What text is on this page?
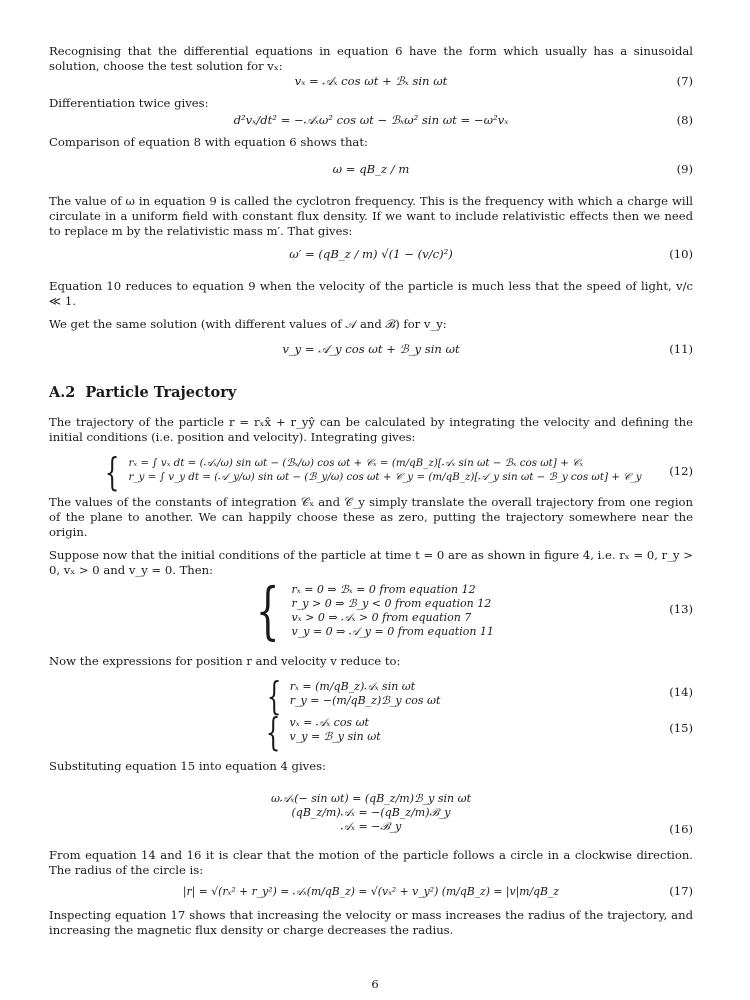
Recognising that the differential equations in equation 6 have the form which usually has a sinusoidal solution, choose the test solution for vₓ:

vₓ = 𝒜ₓ cos ωt + ℬₓ sin ωt	(7)

Differentiation twice gives:

d²vₓ/dt² = −𝒜ₓω² cos ωt − ℬₓω² sin ωt = −ω²vₓ	(8)

Comparison of equation 8 with equation 6 shows that:

ω = qB_z / m	(9)

The value of ω in equation 9 is called the cyclotron frequency. This is the frequency with which a charge will circulate in a uniform field with constant flux density. If we want to include relativistic effects then we need to replace m by the relativistic mass m′. That gives:

ω′ = (qB_z / m) √(1 − (v/c)²)	(10)

Equation 10 reduces to equation 9 when the velocity of the particle is much less that the speed of light, v/c ≪ 1.

We get the same solution (with different values of 𝒜 and ℬ) for v_y:

v_y = 𝒜_y cos ωt + ℬ_y sin ωt	(11)
A.2 Particle Trajectory

The trajectory of the particle r = rₓx̂ + r_yŷ can be calculated by integrating the velocity and defining the initial conditions (i.e. position and velocity). Integrating gives:

{ rₓ = ∫ vₓ dt = (𝒜ₓ/ω) sin ωt − (ℬₓ/ω) cos ωt + 𝒞ₓ = (m/qB_z)[𝒜ₓ sin ωt − ℬₓ cos ωt] + 𝒞ₓ
r_y = ∫ v_y dt = (𝒜_y/ω) sin ωt − (ℬ_y/ω) cos ωt + 𝒞_y = (m/qB_z)[𝒜_y sin ωt − ℬ_y cos ωt] + 𝒞_y (12)

The values of the constants of integration 𝒞ₓ and 𝒞_y simply translate the overall trajectory from one region of the plane to another. We can happily choose these as zero, putting the trajectory somewhere near the origin.

Suppose now that the initial conditions of the particle at time t = 0 are as shown in figure 4, i.e. rₓ = 0, r_y > 0, vₓ > 0 and v_y = 0. Then:

{ rₓ = 0 ⇒ ℬₓ = 0 from equation 12
r_y > 0 ⇒ ℬ_y < 0 from equation 12
vₓ > 0 ⇒ 𝒜ₓ > 0 from equation 7
v_y = 0 ⇒ 𝒜_y = 0 from equation 11
(13)

Now the expressions for position r and velocity v reduce to:

{ rₓ = (m/qB_z)𝒜ₓ sin ωt
r_y = −(m/qB_z)ℬ_y cos ωt
(14)
{ vₓ = 𝒜ₓ cos ωt
v_y = ℬ_y sin ωt
(15)

Substituting equation 15 into equation 4 gives:

ω𝒜ₓ(− sin ωt) = (qB_z/m)ℬ_y sin ωt
(qB_z/m)𝒜ₓ = −(qB_z/m)ℬ_y
𝒜ₓ = −ℬ_y	(16)

From equation 14 and 16 it is clear that the motion of the particle follows a circle in a clockwise direction. The radius of the circle is:

|r| = √(rₓ² + r_y²) = 𝒜ₓ(m/qB_z) = √(vₓ² + v_y²) (m/qB_z) = |v|m/qB_z	(17)

Inspecting equation 17 shows that increasing the velocity or mass increases the radius of the trajectory, and increasing the magnetic flux density or charge decreases the radius.

6
